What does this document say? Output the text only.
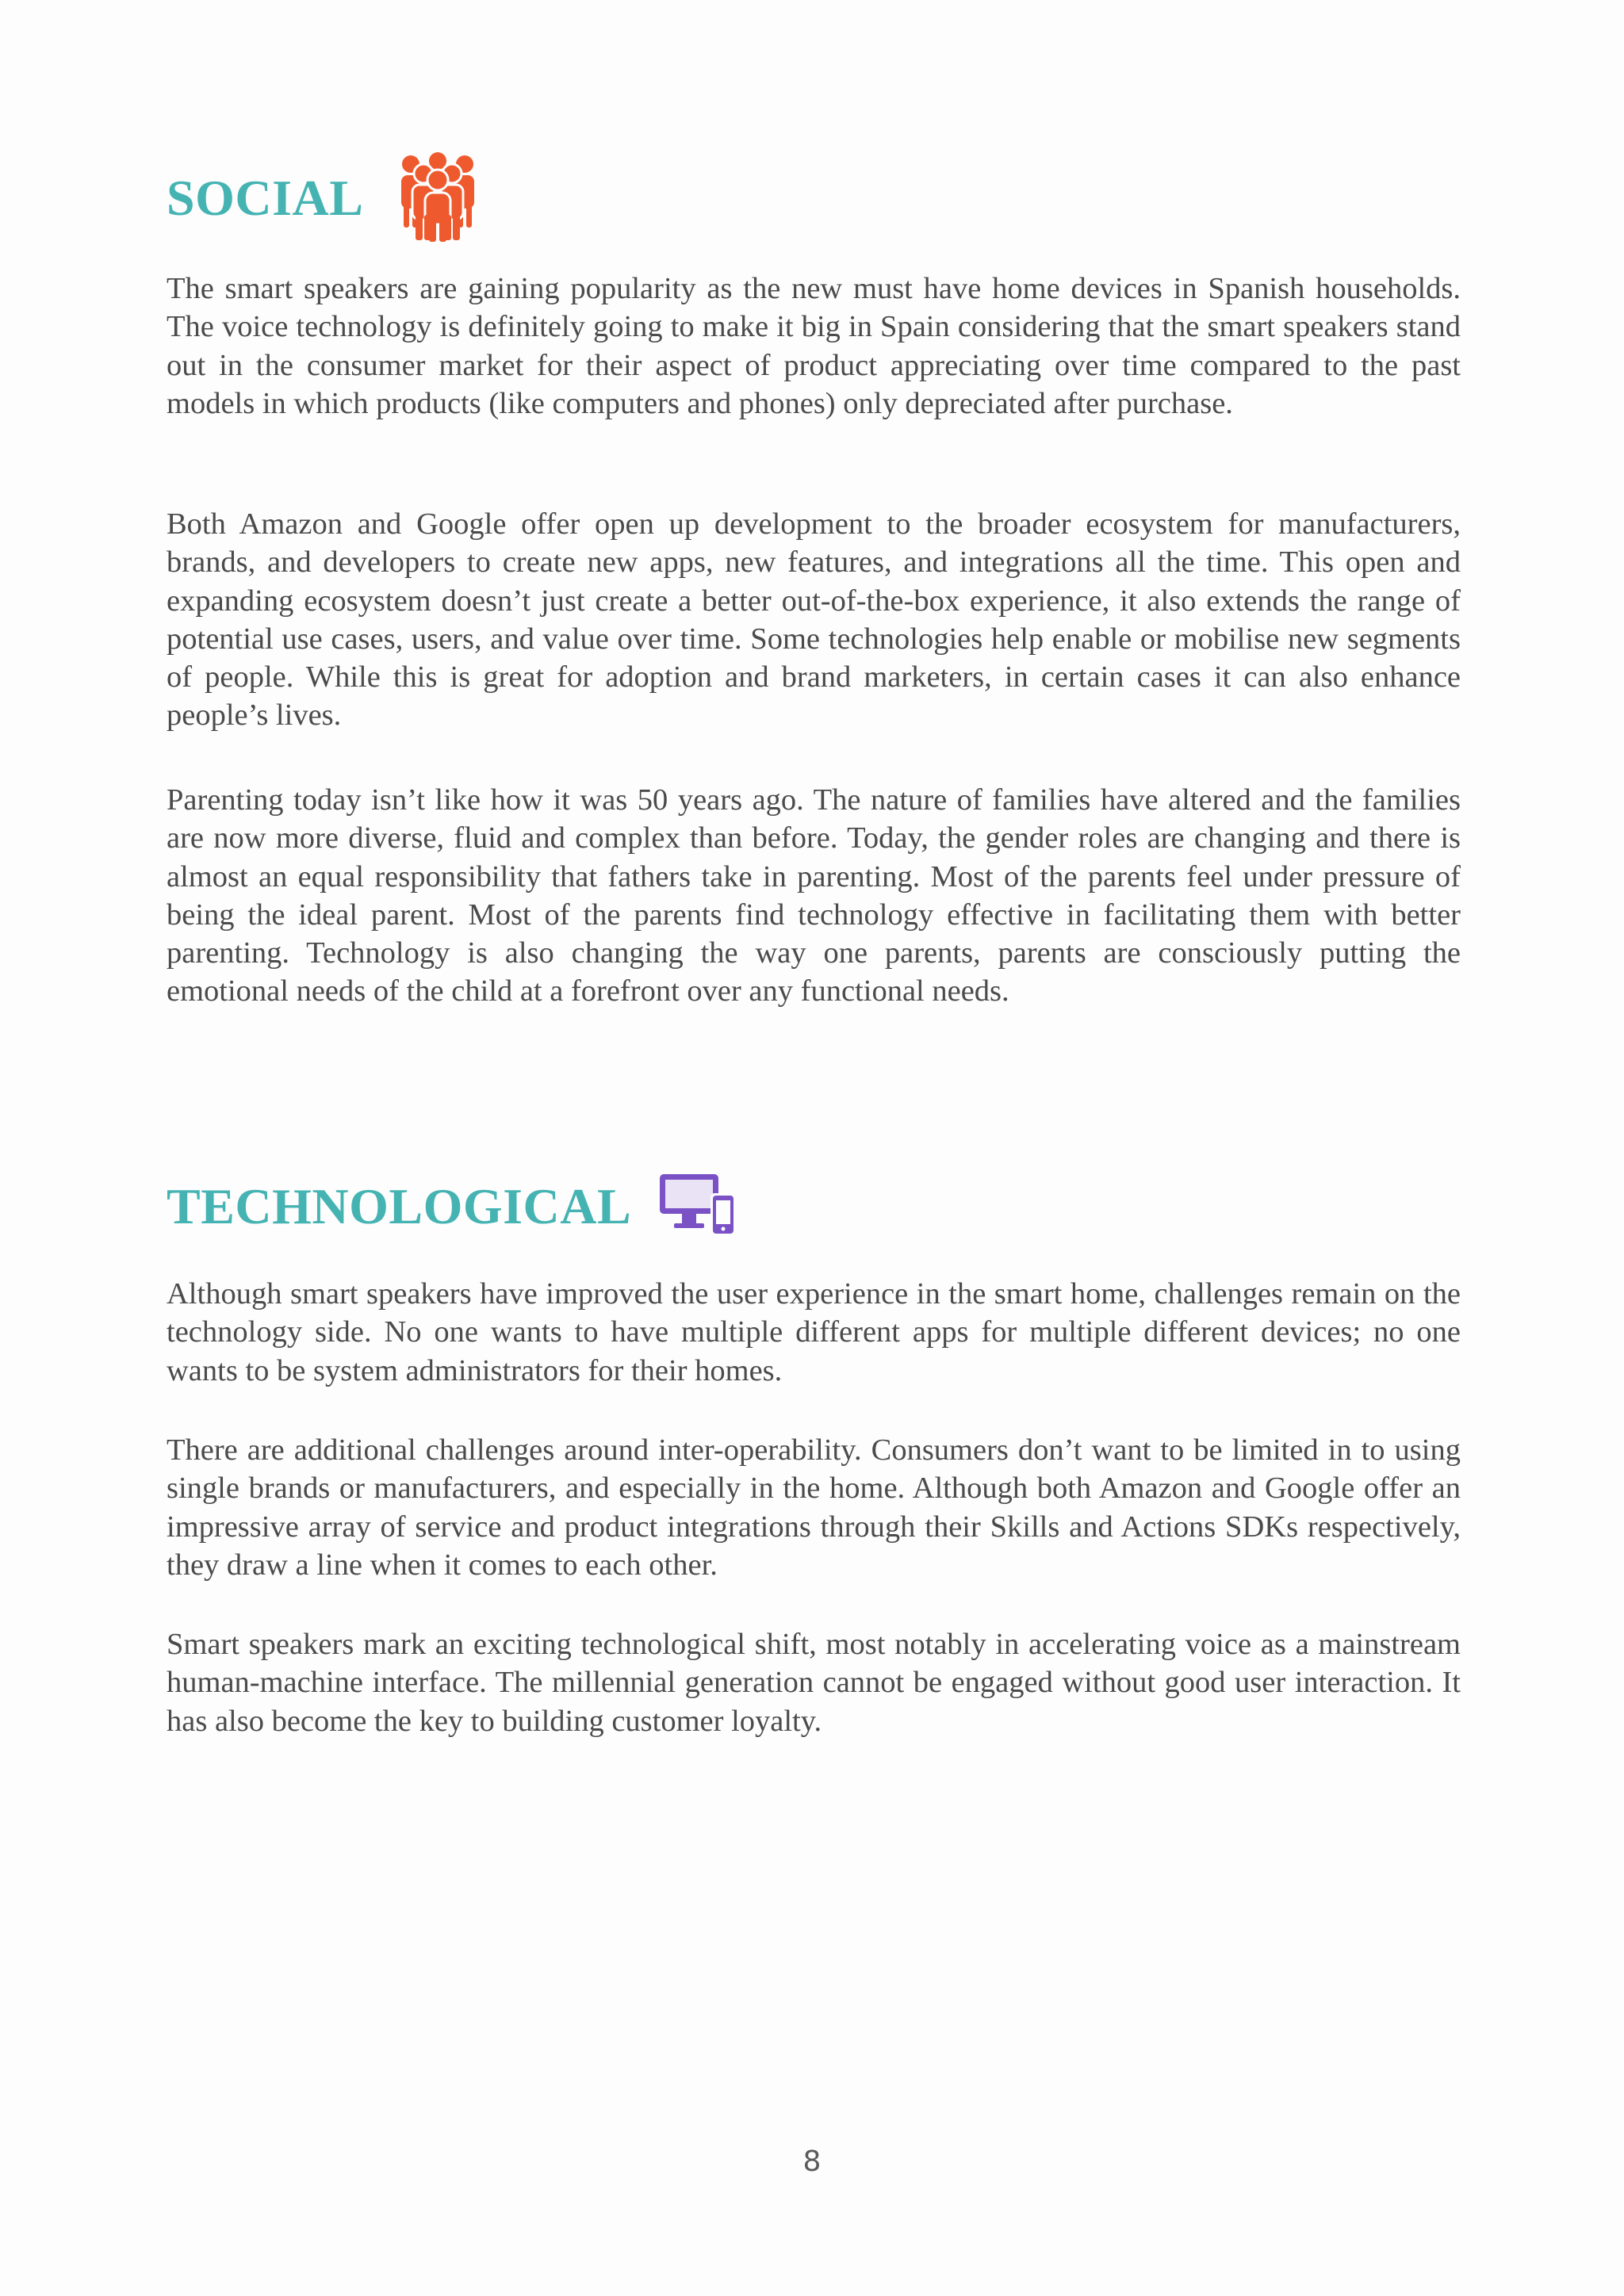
SOCIAL

The smart speakers are gaining popularity as the new must have home devices in Spanish households. The voice technology is definitely going to make it big in Spain considering that the smart speakers stand out in the consumer market for their aspect of product appreciating over time compared to the past models in which products (like computers and phones) only depreciated after purchase.

Both Amazon and Google offer open up development to the broader ecosystem for manufacturers, brands, and developers to create new apps, new features, and integrations all the time. This open and expanding ecosystem doesn’t just create a better out-of-the-box experience, it also extends the range of potential use cases, users, and value over time. Some technologies help enable or mobilise new segments of people. While this is great for adoption and brand marketers, in certain cases it can also enhance people’s lives.

Parenting today isn’t like how it was 50 years ago. The nature of families have altered and the families are now more diverse, fluid and complex than before. Today, the gender roles are changing and there is almost an equal responsibility that fathers take in parenting. Most of the parents feel under pressure of being the ideal parent. Most of the parents find technology effective in facilitating them with better parenting. Technology is also changing the way one parents, parents are consciously putting the emotional needs of the child at a forefront over any functional needs.

TECHNOLOGICAL

Although smart speakers have improved the user experience in the smart home, challenges remain on the technology side. No one wants to have multiple different apps for multiple different devices; no one wants to be system administrators for their homes.

There are additional challenges around inter-operability. Consumers don’t want to be limited in to using single brands or manufacturers, and especially in the home. Although both Amazon and Google offer an impressive array of service and product integrations through their Skills and Actions SDKs respectively, they draw a line when it comes to each other.

Smart speakers mark an exciting technological shift, most notably in accelerating voice as a mainstream human-machine interface. The millennial generation cannot be engaged without good user interaction. It has also become the key to building customer loyalty.

8
